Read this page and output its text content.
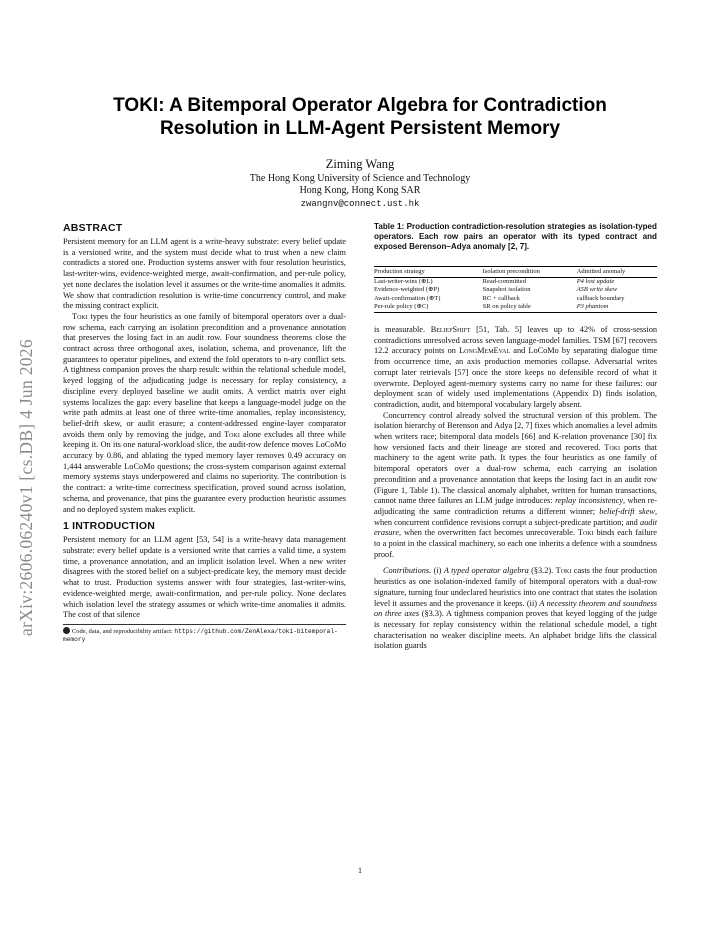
arXiv:2606.06240v1 [cs.DB] 4 Jun 2026
TOKI: A Bitemporal Operator Algebra for Contradiction Resolution in LLM-Agent Persistent Memory
Ziming Wang
The Hong Kong University of Science and Technology
Hong Kong, Hong Kong SAR
zwangnv@connect.ust.hk
ABSTRACT

Persistent memory for an LLM agent is a write-heavy substrate: every belief update is a versioned write, and the system must decide what to trust when a new claim contradicts a stored one. Production systems answer with four resolution heuristics, last-writer-wins, evidence-weighted merge, await-confirmation, and per-rule policy, yet none declares the isolation level it assumes or the write-time anomalies it admits. We show that contradiction resolution is write-time concurrency control, and make the missing contract explicit.

Toki types the four heuristics as one family of bitemporal operators over a dual-row schema, each carrying an isolation precondition and a provenance annotation that preserves the losing fact in an audit row. Four soundness theorems close the contract across three orthogonal axes, isolation, schema, and provenance, lift the guarantees to operator pipelines, and extend the fold operators to n-ary conflict sets. A tightness companion proves the sharp result: within the relational schedule model, keyed logging of the adjudicating judge is necessary for replay consistency, a discipline every deployed baseline we audit omits. A verdict matrix over eight systems localizes the gap: every baseline that keeps a language-model judge on the write path admits at least one of three write-time anomalies, replay inconsistency, belief-drift skew, or audit erasure; a content-addressed engine-layer comparator avoids them only by removing the judge, and Toki alone excludes all three while keeping it. On its one natural-workload slice, the audit-row defence moves LoCoMo accuracy by 0.86, and ablating the typed memory layer removes 0.49 accuracy on 1,444 answerable LoCoMo questions; the cross-system comparison against external memory systems stays underpowered and claims no superiority. The contribution is the contract: a write-time correctness specification, proved sound across isolation, schema, and provenance, that pins the guarantee every production heuristic assumes and no deployed system makes explicit.

1 INTRODUCTION

Persistent memory for an LLM agent [53, 54] is a write-heavy data management substrate: every belief update is a versioned write that carries a valid time, a system time, a provenance annotation, and an implicit isolation level. When a new writer disagrees with the stored belief on a subject-predicate key, the memory must decide what to trust. Production systems answer with four strategies, last-writer-wins, evidence-weighted merge, await-confirmation, and per-rule policy. None declares which isolation level the strategy assumes or which write-time anomalies it admits. The cost of that silence

Code, data, and reproducibility artifact: https://github.com/ZenAlexa/toki-bitemporal-memory
Table 1: Production contradiction-resolution strategies as isolation-typed operators. Each row pairs an operator with its typed contract and exposed Berenson–Adya anomaly [2, 7].
Production strategy	Isolation precondition	Admitted anomaly
Last-writer-wins (⊕L)	Read-committed	P4 lost update
Evidence-weighted (⊕P)	Snapshot isolation	A5B write skew
Await-confirmation (⊕T)	RC + callback	callback boundary
Per-rule policy (⊕C)	SR on policy table	P3 phantom

is measurable. BeliefShift [51, Tab. 5] leaves up to 42% of cross-session contradictions unresolved across seven language-model families. TSM [67] recovers 12.2 accuracy points on LongMemEval and LoCoMo by separating dialogue time from occurrence time, an axis production memories collapse. Adversarial writes corrupt later retrievals [57] once the store keeps no defensible record of what it overwrote. Deployed agent-memory systems carry no name for these failures: our deployment scan of widely used implementations (Appendix D) finds isolation, contradiction, audit, and bitemporal vocabulary largely absent.

Concurrency control already solved the structural version of this problem. The isolation hierarchy of Berenson and Adya [2, 7] fixes which anomalies a level admits when writers race; bitemporal data models [66] and K-relation provenance [30] fix how versioned facts and their lineage are stored and recovered. Toki ports that machinery to the agent write path. It types the four heuristics as one family of bitemporal operators over a dual-row schema, each carrying an isolation precondition and a provenance annotation that keeps the losing fact in an audit row (Figure 1, Table 1). The classical anomaly alphabet, written for human transactions, cannot name three failures an LLM judge introduces: replay inconsistency, when re-adjudicating the same contradiction returns a different winner; belief-drift skew, when concurrent confidence revisions corrupt a subject-predicate partition; and audit erasure, when the overwritten fact becomes unrecoverable. Toki binds each failure to a point in the classical machinery, so each one inherits a defence with a soundness proof.

Contributions. (i) A typed operator algebra (§3.2). Toki casts the four production heuristics as one isolation-indexed family of bitemporal operators with a dual-row signature, turning four undeclared heuristics into one contract that states the isolation level it assumes and the provenance it keeps. (ii) A necessity theorem and soundness on three axes (§3.3). A tightness companion proves that keyed logging of the judge is necessary for replay consistency within the relational schedule model, a tight characterisation no weaker discipline meets. An alphabet bridge lifts the classical isolation guards

1
